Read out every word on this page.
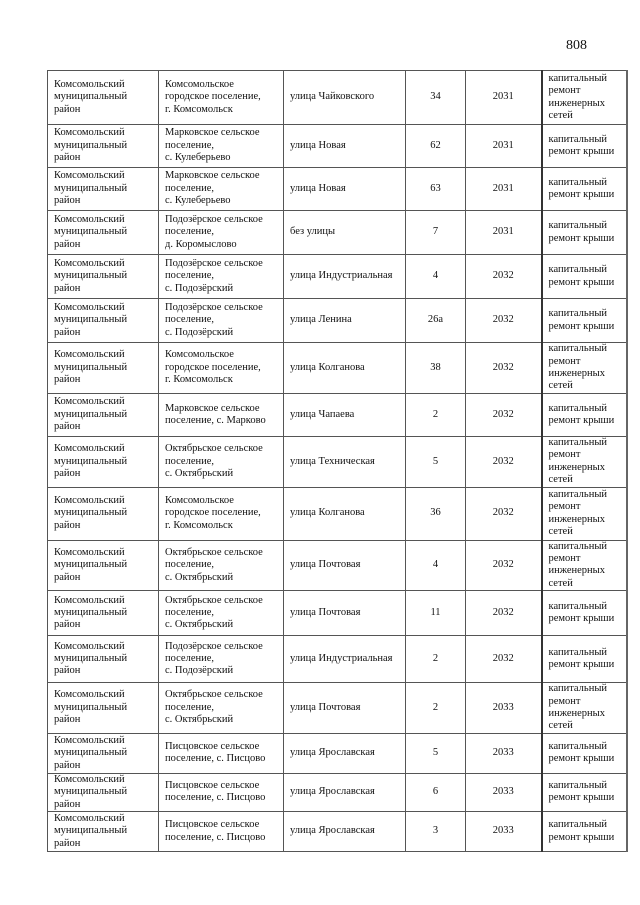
808
Комсомольский
муниципальный
район	Комсомольское
городское поселение,
г. Комсомольск	улица Чайковского	34	2031	капитальный
ремонт
инженерных
сетей
Комсомольский
муниципальный
район	Марковское сельское
поселение,
с. Кулеберьево	улица Новая	62	2031	капитальный
ремонт крыши
Комсомольский
муниципальный
район	Марковское сельское
поселение,
с. Кулеберьево	улица Новая	63	2031	капитальный
ремонт крыши
Комсомольский
муниципальный
район	Подозёрское сельское
поселение,
д. Коромыслово	без улицы	7	2031	капитальный
ремонт крыши
Комсомольский
муниципальный
район	Подозёрское сельское
поселение,
с. Подозёрский	улица Индустриальная	4	2032	капитальный
ремонт крыши
Комсомольский
муниципальный
район	Подозёрское сельское
поселение,
с. Подозёрский	улица Ленина	26а	2032	капитальный
ремонт крыши
Комсомольский
муниципальный
район	Комсомольское
городское поселение,
г. Комсомольск	улица Колганова	38	2032	капитальный
ремонт
инженерных
сетей
Комсомольский
муниципальный
район	Марковское сельское
поселение, с. Марково	улица Чапаева	2	2032	капитальный
ремонт крыши
Комсомольский
муниципальный
район	Октябрьское сельское
поселение,
с. Октябрьский	улица Техническая	5	2032	капитальный
ремонт
инженерных
сетей
Комсомольский
муниципальный
район	Комсомольское
городское поселение,
г. Комсомольск	улица Колганова	36	2032	капитальный
ремонт
инженерных
сетей
Комсомольский
муниципальный
район	Октябрьское сельское
поселение,
с. Октябрьский	улица Почтовая	4	2032	капитальный
ремонт
инженерных
сетей
Комсомольский
муниципальный
район	Октябрьское сельское
поселение,
с. Октябрьский	улица Почтовая	11	2032	капитальный
ремонт крыши
Комсомольский
муниципальный
район	Подозёрское сельское
поселение,
с. Подозёрский	улица Индустриальная	2	2032	капитальный
ремонт крыши
Комсомольский
муниципальный
район	Октябрьское сельское
поселение,
с. Октябрьский	улица Почтовая	2	2033	капитальный
ремонт
инженерных
сетей
Комсомольский
муниципальный
район	Писцовское сельское
поселение, с. Писцово	улица Ярославская	5	2033	капитальный
ремонт крыши
Комсомольский
муниципальный
район	Писцовское сельское
поселение, с. Писцово	улица Ярославская	6	2033	капитальный
ремонт крыши
Комсомольский
муниципальный
район	Писцовское сельское
поселение, с. Писцово	улица Ярославская	3	2033	капитальный
ремонт крыши
